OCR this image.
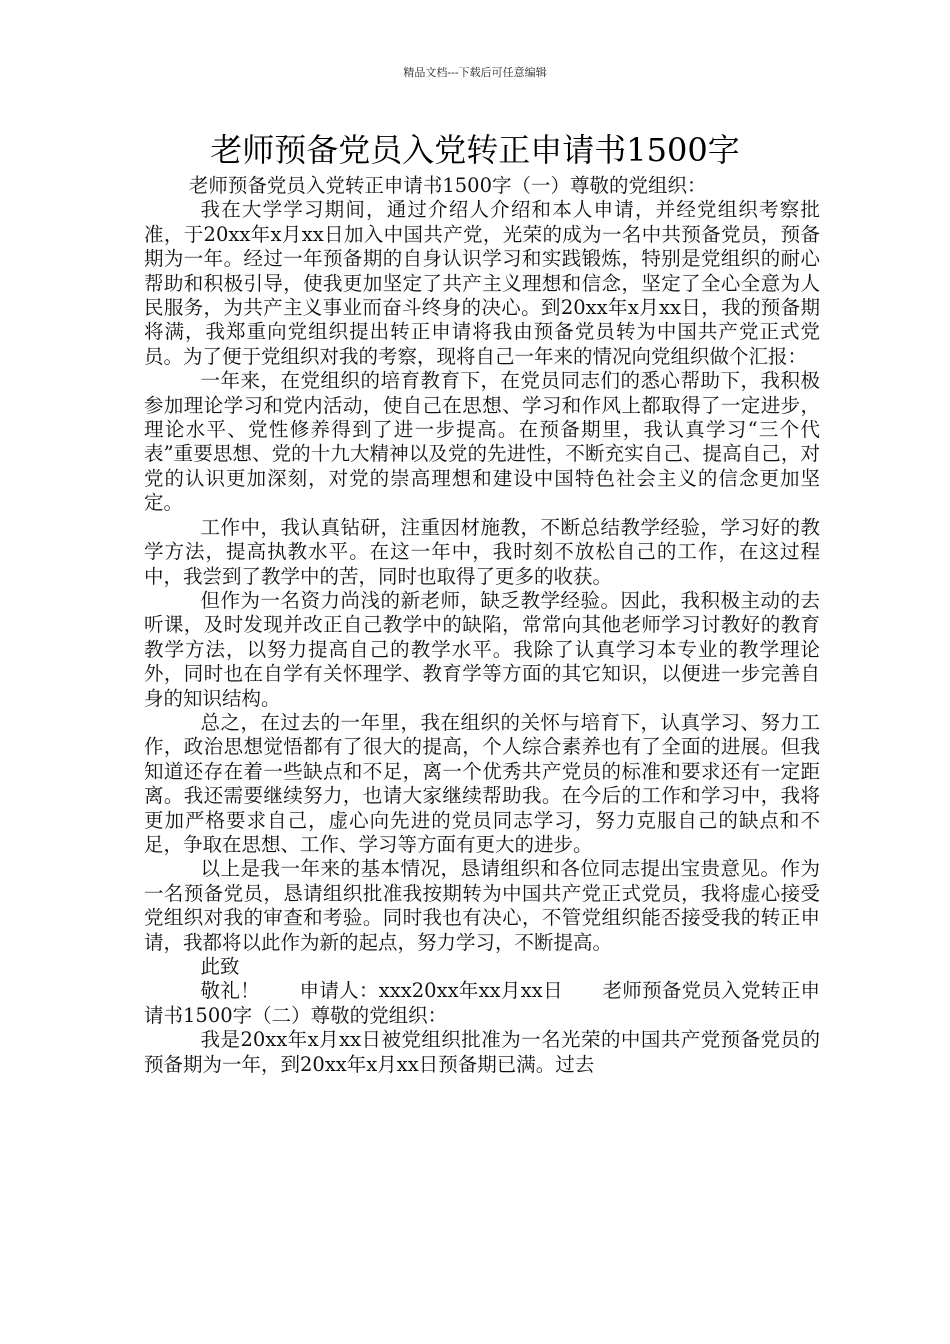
精品文档---下载后可任意编辑
老师预备党员入党转正申请书1500字

老师预备党员入党转正申请书1500字（一）尊敬的党组织：

我在大学学习期间，通过介绍人介绍和本人申请，并经党组织考察批准，于20xx年x月xx日加入中国共产党，光荣的成为一名中共预备党员，预备期为一年。经过一年预备期的自身认识学习和实践锻炼，特别是党组织的耐心帮助和积极引导，使我更加坚定了共产主义理想和信念，坚定了全心全意为人民服务，为共产主义事业而奋斗终身的决心。到20xx年x月xx日，我的预备期将满，我郑重向党组织提出转正申请将我由预备党员转为中国共产党正式党员。为了便于党组织对我的考察，现将自己一年来的情况向党组织做个汇报：

一年来，在党组织的培育教育下，在党员同志们的悉心帮助下，我积极参加理论学习和党内活动，使自己在思想、学习和作风上都取得了一定进步，理论水平、党性修养得到了进一步提高。在预备期里，我认真学习“三个代表”重要思想、党的十九大精神以及党的先进性，不断充实自己、提高自己，对党的认识更加深刻，对党的崇高理想和建设中国特色社会主义的信念更加坚定。

工作中，我认真钻研，注重因材施教，不断总结教学经验，学习好的教学方法，提高执教水平。在这一年中，我时刻不放松自己的工作，在这过程中，我尝到了教学中的苦，同时也取得了更多的收获。

但作为一名资力尚浅的新老师，缺乏教学经验。因此，我积极主动的去听课，及时发现并改正自己教学中的缺陷，常常向其他老师学习讨教好的教育教学方法，以努力提高自己的教学水平。我除了认真学习本专业的教学理论外，同时也在自学有关怀理学、教育学等方面的其它知识，以便进一步完善自身的知识结构。

总之，在过去的一年里，我在组织的关怀与培育下，认真学习、努力工作，政治思想觉悟都有了很大的提高，个人综合素养也有了全面的进展。但我知道还存在着一些缺点和不足，离一个优秀共产党员的标准和要求还有一定距离。我还需要继续努力，也请大家继续帮助我。在今后的工作和学习中，我将更加严格要求自己，虚心向先进的党员同志学习，努力克服自己的缺点和不足，争取在思想、工作、学习等方面有更大的进步。

以上是我一年来的基本情况，恳请组织和各位同志提出宝贵意见。作为一名预备党员，恳请组织批准我按期转为中国共产党正式党员，我将虚心接受党组织对我的审查和考验。同时我也有决心，不管党组织能否接受我的转正申请，我都将以此作为新的起点，努力学习，不断提高。

此致

敬礼！　　申请人：xxx20xx年xx月xx日　　老师预备党员入党转正申请书1500字（二）尊敬的党组织：

我是20xx年x月xx日被党组织批准为一名光荣的中国共产党预备党员的预备期为一年，到20xx年x月xx日预备期已满。过去
